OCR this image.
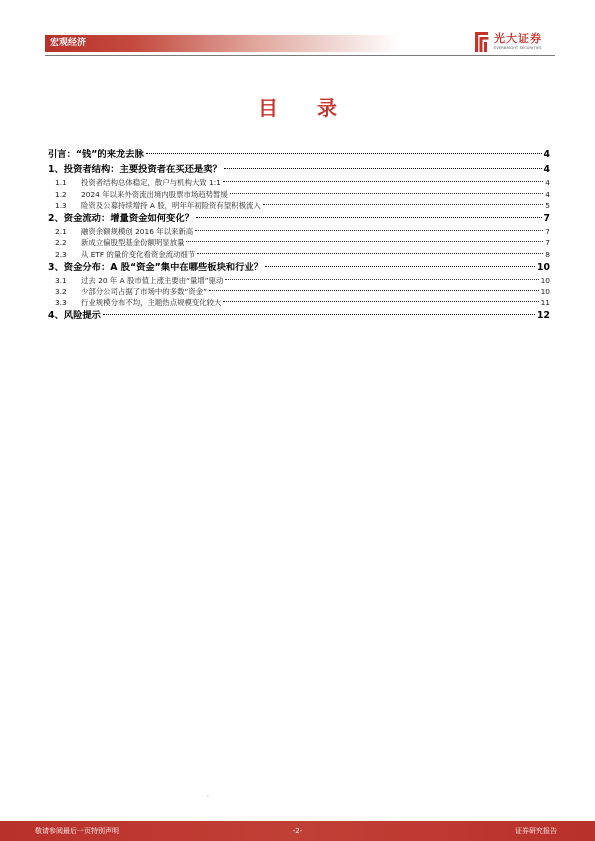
宏观经济	光大证券
EVERBRIGHT SECURITIES
目 录
引言：“钱”的来龙去脉	4
1、投资者结构：主要投资者在买还是卖？	4
1.1	投资者结构总体稳定，散户与机构大致 1:1	4
1.2	2024 年以来外资流出境内股票市场趋势暂缓	4
1.3	险资及公募持续增持 A 股，明年年初险资有望积极流入	5
2、资金流动：增量资金如何变化？	7
2.1	融资余额规模创 2016 年以来新高	7
2.2	新成立偏股型基金份额明显放量	7
2.3	从 ETF 的量价变化看资金流动细节	8
3、资金分布：A 股“资金”集中在哪些板块和行业？	10
3.1	过去 20 年 A 股市值上涨主要由“量增”驱动	10
3.2	少部分公司占据了市场中的多数“资金”	10
3.3	行业规模分布不均，主题热点规模变化较大	11
4、风险提示	12
•
敬请参阅最后一页特别声明	-2-	证券研究报告
